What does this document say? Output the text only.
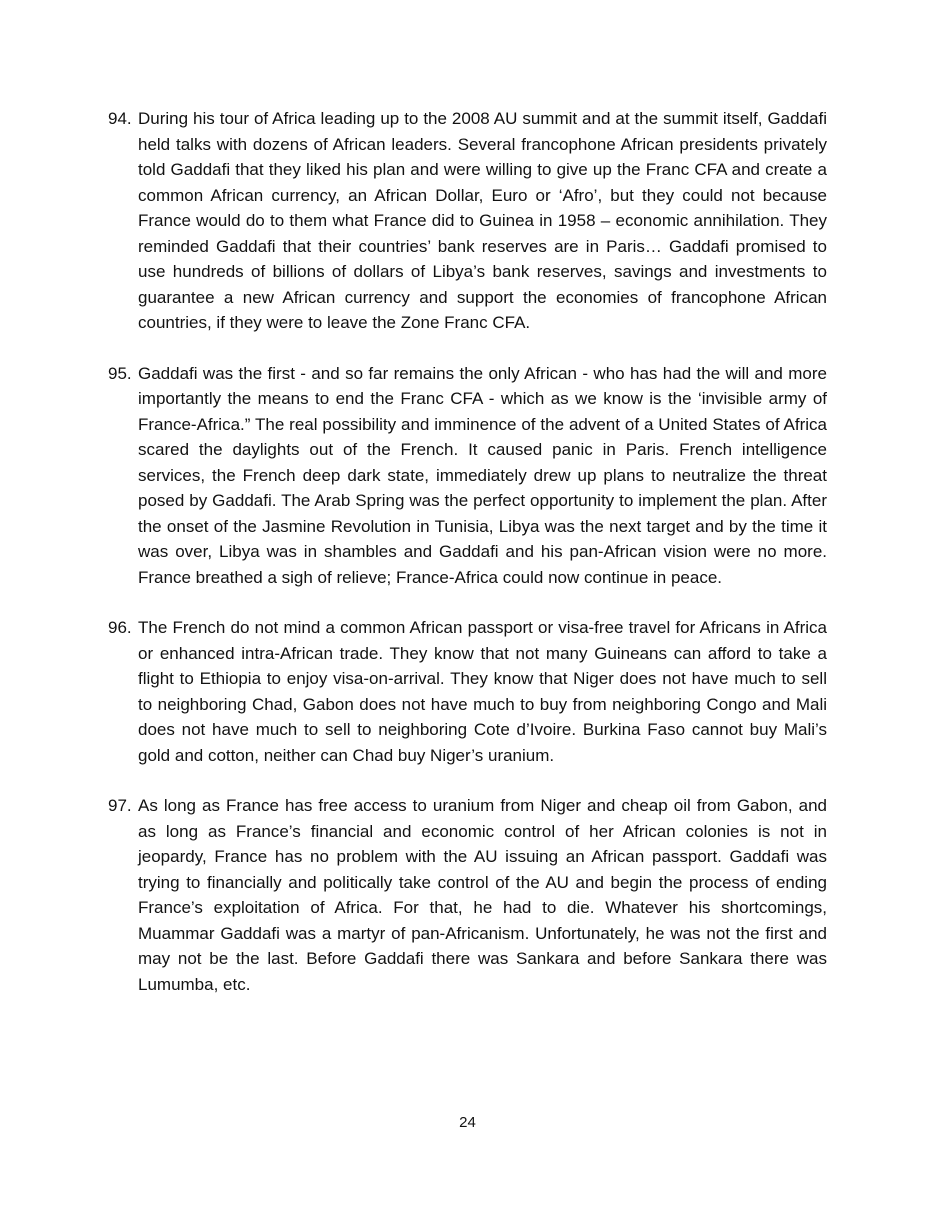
94. During his tour of Africa leading up to the 2008 AU summit and at the summit itself, Gaddafi held talks with dozens of African leaders. Several francophone African presidents privately told Gaddafi that they liked his plan and were willing to give up the Franc CFA and create a common African currency, an African Dollar, Euro or ‘Afro’, but they could not because France would do to them what France did to Guinea in 1958 – economic annihilation. They reminded Gaddafi that their countries’ bank reserves are in Paris… Gaddafi promised to use hundreds of billions of dollars of Libya’s bank reserves, savings and investments to guarantee a new African currency and support the economies of francophone African countries, if they were to leave the Zone Franc CFA.
95. Gaddafi was the first - and so far remains the only African - who has had the will and more importantly the means to end the Franc CFA - which as we know is the ‘invisible army of France-Africa.” The real possibility and imminence of the advent of a United States of Africa scared the daylights out of the French. It caused panic in Paris. French intelligence services, the French deep dark state, immediately drew up plans to neutralize the threat posed by Gaddafi. The Arab Spring was the perfect opportunity to implement the plan. After the onset of the Jasmine Revolution in Tunisia, Libya was the next target and by the time it was over, Libya was in shambles and Gaddafi and his pan-African vision were no more. France breathed a sigh of relieve; France-Africa could now continue in peace.
96. The French do not mind a common African passport or visa-free travel for Africans in Africa or enhanced intra-African trade. They know that not many Guineans can afford to take a flight to Ethiopia to enjoy visa-on-arrival. They know that Niger does not have much to sell to neighboring Chad, Gabon does not have much to buy from neighboring Congo and Mali does not have much to sell to neighboring Cote d’Ivoire. Burkina Faso cannot buy Mali’s gold and cotton, neither can Chad buy Niger’s uranium.
97. As long as France has free access to uranium from Niger and cheap oil from Gabon, and as long as France’s financial and economic control of her African colonies is not in jeopardy, France has no problem with the AU issuing an African passport. Gaddafi was trying to financially and politically take control of the AU and begin the process of ending France’s exploitation of Africa. For that, he had to die. Whatever his shortcomings, Muammar Gaddafi was a martyr of pan-Africanism. Unfortunately, he was not the first and may not be the last. Before Gaddafi there was Sankara and before Sankara there was Lumumba, etc.
24
